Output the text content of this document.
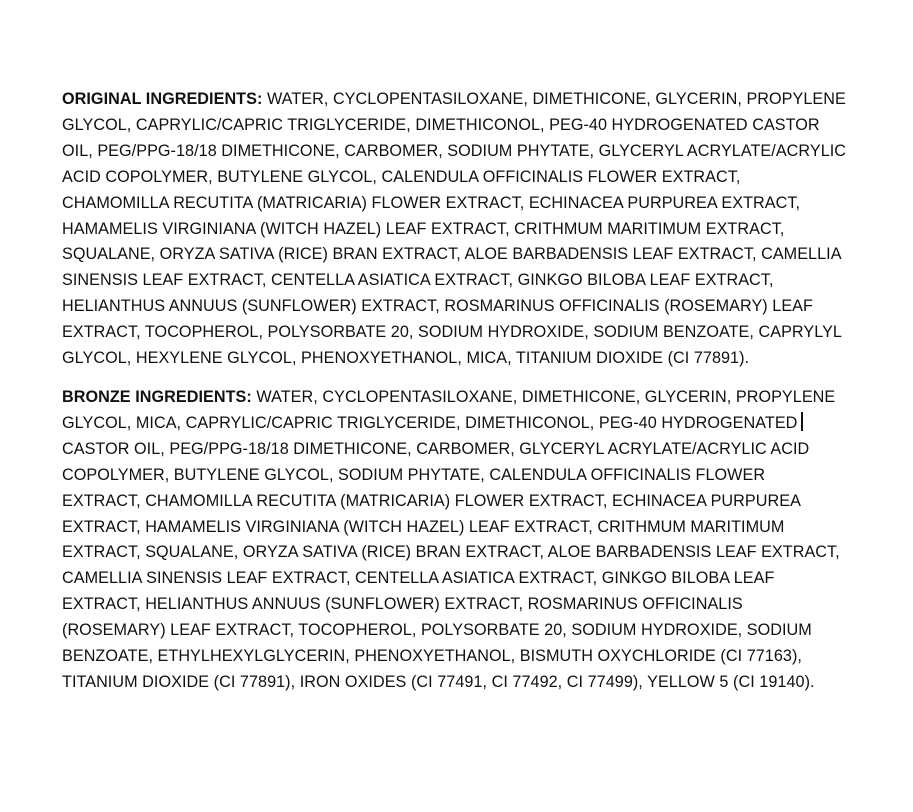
ORIGINAL INGREDIENTS: WATER, CYCLOPENTASILOXANE, DIMETHICONE, GLYCERIN, PROPYLENE GLYCOL, CAPRYLIC/CAPRIC TRIGLYCERIDE, DIMETHICONOL, PEG-40 HYDROGENATED CASTOR OIL, PEG/PPG-18/18 DIMETHICONE, CARBOMER, SODIUM PHYTATE, GLYCERYL ACRYLATE/ACRYLIC ACID COPOLYMER, BUTYLENE GLYCOL, CALENDULA OFFICINALIS FLOWER EXTRACT, CHAMOMILLA RECUTITA (MATRICARIA) FLOWER EXTRACT, ECHINACEA PURPUREA EXTRACT, HAMAMELIS VIRGINIANA (WITCH HAZEL) LEAF EXTRACT, CRITHMUM MARITIMUM EXTRACT, SQUALANE, ORYZA SATIVA (RICE) BRAN EXTRACT, ALOE BARBADENSIS LEAF EXTRACT, CAMELLIA SINENSIS LEAF EXTRACT, CENTELLA ASIATICA EXTRACT, GINKGO BILOBA LEAF EXTRACT, HELIANTHUS ANNUUS (SUNFLOWER) EXTRACT, ROSMARINUS OFFICINALIS (ROSEMARY) LEAF EXTRACT, TOCOPHEROL, POLYSORBATE 20, SODIUM HYDROXIDE, SODIUM BENZOATE, CAPRYLYL GLYCOL, HEXYLENE GLYCOL, PHENOXYETHANOL, MICA, TITANIUM DIOXIDE (CI 77891).

BRONZE INGREDIENTS: WATER, CYCLOPENTASILOXANE, DIMETHICONE, GLYCERIN, PROPYLENE GLYCOL, MICA, CAPRYLIC/CAPRIC TRIGLYCERIDE, DIMETHICONOL, PEG-40 HYDROGENATED CASTOR OIL, PEG/PPG-18/18 DIMETHICONE, CARBOMER, GLYCERYL ACRYLATE/ACRYLIC ACID COPOLYMER, BUTYLENE GLYCOL, SODIUM PHYTATE, CALENDULA OFFICINALIS FLOWER EXTRACT, CHAMOMILLA RECUTITA (MATRICARIA) FLOWER EXTRACT, ECHINACEA PURPUREA EXTRACT, HAMAMELIS VIRGINIANA (WITCH HAZEL) LEAF EXTRACT, CRITHMUM MARITIMUM EXTRACT, SQUALANE, ORYZA SATIVA (RICE) BRAN EXTRACT, ALOE BARBADENSIS LEAF EXTRACT, CAMELLIA SINENSIS LEAF EXTRACT, CENTELLA ASIATICA EXTRACT, GINKGO BILOBA LEAF EXTRACT, HELIANTHUS ANNUUS (SUNFLOWER) EXTRACT, ROSMARINUS OFFICINALIS (ROSEMARY) LEAF EXTRACT, TOCOPHEROL, POLYSORBATE 20, SODIUM HYDROXIDE, SODIUM BENZOATE, ETHYLHEXYLGLYCERIN, PHENOXYETHANOL, BISMUTH OXYCHLORIDE (CI 77163), TITANIUM DIOXIDE (CI 77891), IRON OXIDES (CI 77491, CI 77492, CI 77499), YELLOW 5 (CI 19140).
